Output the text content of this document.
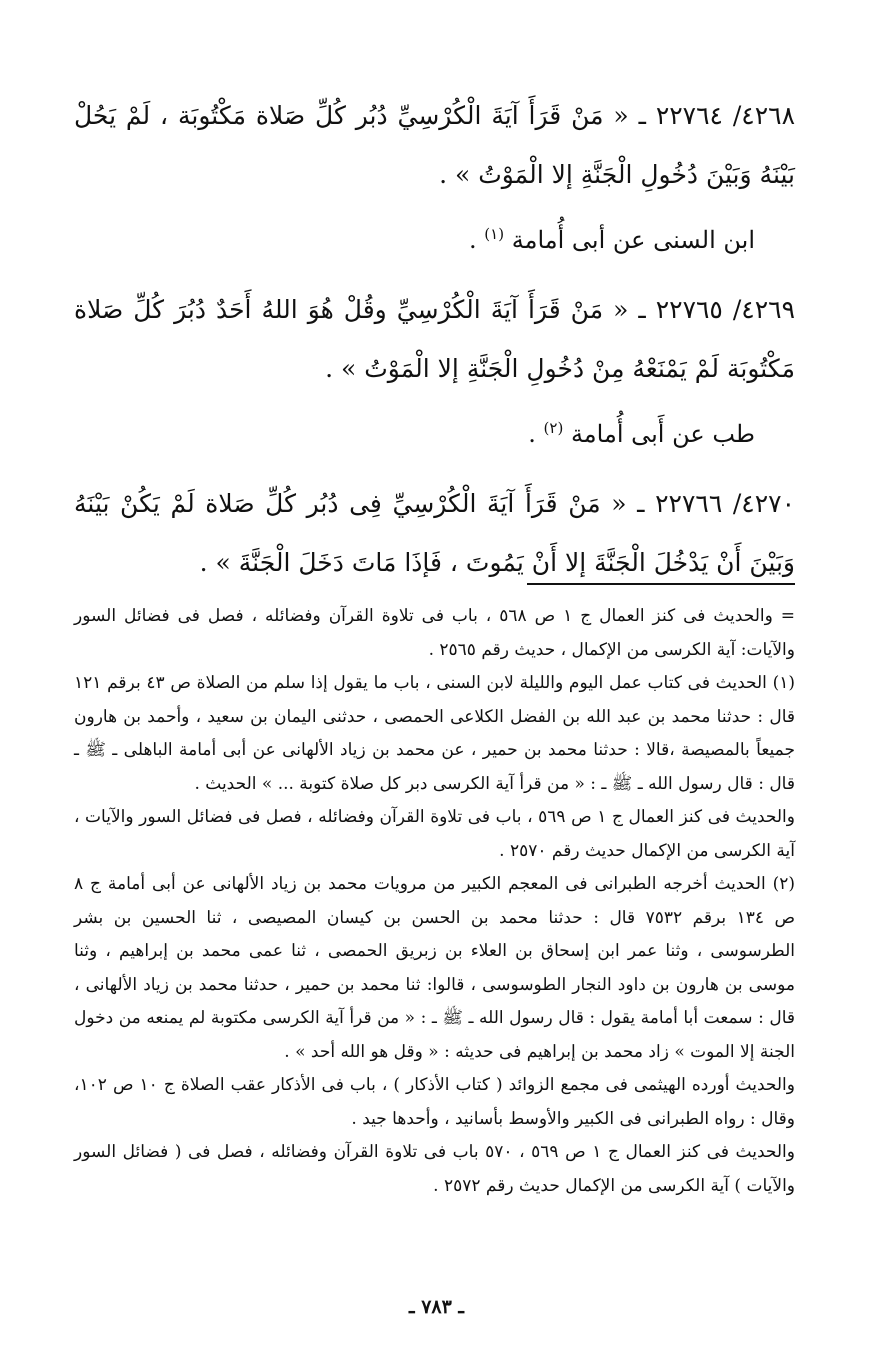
٤٢٦٨/ ٢٢٧٦٤ ـ « مَنْ قَرَأَ آيَةَ الْكُرْسِيِّ دُبُر كُلِّ صَلاة مَكْتُوبَة ، لَمْ يَحُلْ بَيْنَهُ وَبَيْنَ دُخُولِ الْجَنَّةِ إلا الْمَوْتُ » .

ابن السنى عن أبى أُمامة $^{(١)}$ .

٤٢٦٩/ ٢٢٧٦٥ ـ « مَنْ قَرَأَ آيَةَ الْكُرْسِيِّ وقُلْ هُوَ اللهُ أَحَدٌ دُبُرَ كُلِّ صَلاة مَكْتُوبَة لَمْ يَمْنَعْهُ مِنْ دُخُولِ الْجَنَّةِ إلا الْمَوْتُ » .

طب عن أَبى أُمامة $^{(٢)}$ .

٤٢٧٠/ ٢٢٧٦٦ ـ « مَنْ قَرَأَ آيَةَ الْكُرْسِيِّ فِى دُبُر كُلِّ صَلاة لَمْ يَكُنْ بَيْنَهُ وَبَيْنَ أَنْ يَدْخُلَ الْجَنَّةَ إلا أَنْ يَمُوتَ ، فَإذَا مَاتَ دَخَلَ الْجَنَّةَ » .

= والحديث فى كنز العمال ج ١ ص ٥٦٨ ، باب فى تلاوة القرآن وفضائله ، فصل فى فضائل السور والآيات: آية الكرسى من الإكمال ، حديث رقم ٢٥٦٥ .

(١) الحديث فى كتاب عمل اليوم والليلة لابن السنى ، باب ما يقول إذا سلم من الصلاة ص ٤٣ برقم ١٢١ قال : حدثنا محمد بن عبد الله بن الفضل الكلاعى الحمصى ، حدثنى اليمان بن سعيد ، وأحمد بن هارون جميعاً بالمصيصة ،قالا : حدثنا محمد بن حمير ، عن محمد بن زياد الألهانى عن أبى أمامة الباهلى ـ ﷺ ـ قال : قال رسول الله ـ ﷺ ـ : « من قرأ آية الكرسى دبر كل صلاة كتوبة ... » الحديث .

والحديث فى كنز العمال ج ١ ص ٥٦٩ ، باب فى تلاوة القرآن وفضائله ، فصل فى فضائل السور والآيات ، آية الكرسى من الإكمال حديث رقم ٢٥٧٠ .

(٢) الحديث أخرجه الطبرانى فى المعجم الكبير من مرويات محمد بن زياد الألهانى عن أبى أمامة ج ٨ ص ١٣٤ برقم ٧٥٣٢ قال : حدثنا محمد بن الحسن بن كيسان المصيصى ، ثنا الحسين بن بشر الطرسوسى ، وثنا عمر ابن إسحاق بن العلاء بن زبريق الحمصى ، ثنا عمى محمد بن إبراهيم ، وثنا موسى بن هارون بن داود النجار الطوسوسى ، قالوا: ثنا محمد بن حمير ، حدثنا محمد بن زياد الألهانى ، قال : سمعت أبا أمامة يقول : قال رسول الله ـ ﷺ ـ : « من قرأ آية الكرسى مكتوبة لم يمنعه من دخول الجنة إلا الموت » زاد محمد بن إبراهيم فى حديثه : « وقل هو الله أحد » .

والحديث أورده الهيثمى فى مجمع الزوائد ( كتاب الأذكار ) ، باب فى الأذكار عقب الصلاة ج ١٠ ص ١٠٢، وقال : رواه الطبرانى فى الكبير والأوسط بأسانيد ، وأحدها جيد .

والحديث فى كنز العمال ج ١ ص ٥٦٩ ، ٥٧٠ باب فى تلاوة القرآن وفضائله ، فصل فى ( فضائل السور والآيات ) آية الكرسى من الإكمال حديث رقم ٢٥٧٢ .

ـ ٧٨٣ ـ
